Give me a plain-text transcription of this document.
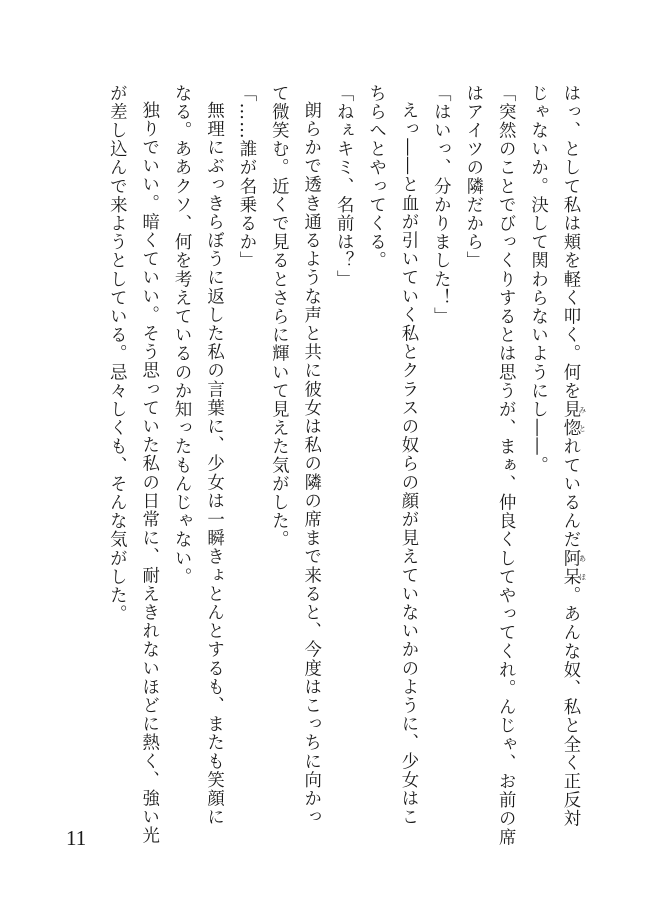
はっ、として私は頬を軽く叩く。何を見惚みとれているんだ阿呆あほ。あんな奴、私と全く正反対

じゃないか。決して関わらないようにし――。

「突然のことでびっくりするとは思うが、まぁ、仲良くしてやってくれ。んじゃ、お前の席

はアイツの隣だから」

「はいっ、分かりました！」

えっ――と血が引いていく私とクラスの奴らの顔が見えていないかのように、少女はこ

ちらへとやってくる。

「ねぇキミ、名前は？」

朗らかで透き通るような声と共に彼女は私の隣の席まで来ると、今度はこっちに向かっ

て微笑む。近くで見るとさらに輝いて見えた気がした。

「……誰が名乗るか」

無理にぶっきらぼうに返した私の言葉に、少女は一瞬きょとんとするも、またも笑顔に

なる。ああクソ、何を考えているのか知ったもんじゃない。

独りでいい。暗くていい。そう思っていた私の日常に、耐えきれないほどに熱く、強い光

が差し込んで来ようとしている。忌々しくも、そんな気がした。

11
